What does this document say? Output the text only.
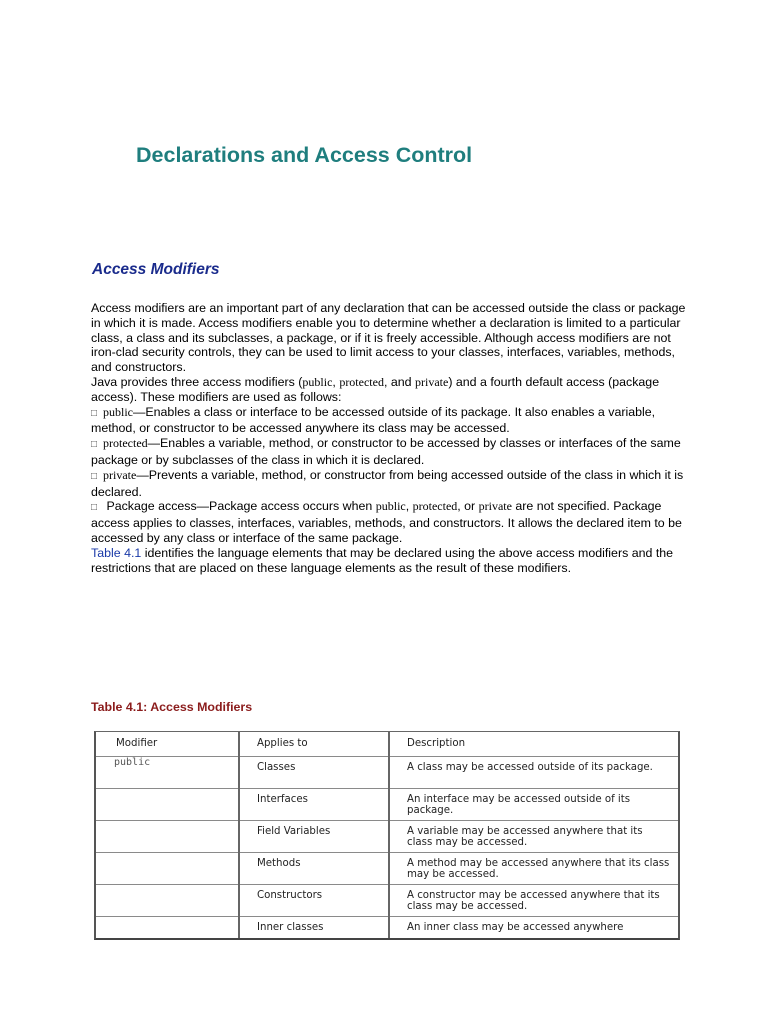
Declarations and Access Control
Access Modifiers

Access modifiers are an important part of any declaration that can be accessed outside the class or package in which it is made. Access modifiers enable you to determine whether a declaration is limited to a particular class, a class and its subclasses, a package, or if it is freely accessible. Although access modifiers are not iron-clad security controls, they can be used to limit access to your classes, interfaces, variables, methods, and constructors.

Java provides three access modifiers (public, protected, and private) and a fourth default access (package access). These modifiers are used as follows:

□ public—Enables a class or interface to be accessed outside of its package. It also enables a variable, method, or constructor to be accessed anywhere its class may be accessed.

□ protected—Enables a variable, method, or constructor to be accessed by classes or interfaces of the same package or by subclasses of the class in which it is declared.

□ private—Prevents a variable, method, or constructor from being accessed outside of the class in which it is declared.

□ Package access—Package access occurs when public, protected, or private are not specified. Package access applies to classes, interfaces, variables, methods, and constructors. It allows the declared item to be accessed by any class or interface of the same package.

Table 4.1 identifies the language elements that may be declared using the above access modifiers and the restrictions that are placed on these language elements as the result of these modifiers.

Table 4.1: Access Modifiers
Modifier	Applies to	Description
public	Classes	A class may be accessed outside of its package.
	Interfaces	An interface may be accessed outside of its package.
	Field Variables	A variable may be accessed anywhere that its class may be accessed.
	Methods	A method may be accessed anywhere that its class may be accessed.
	Constructors	A constructor may be accessed anywhere that its class may be accessed.
	Inner classes	An inner class may be accessed anywhere
